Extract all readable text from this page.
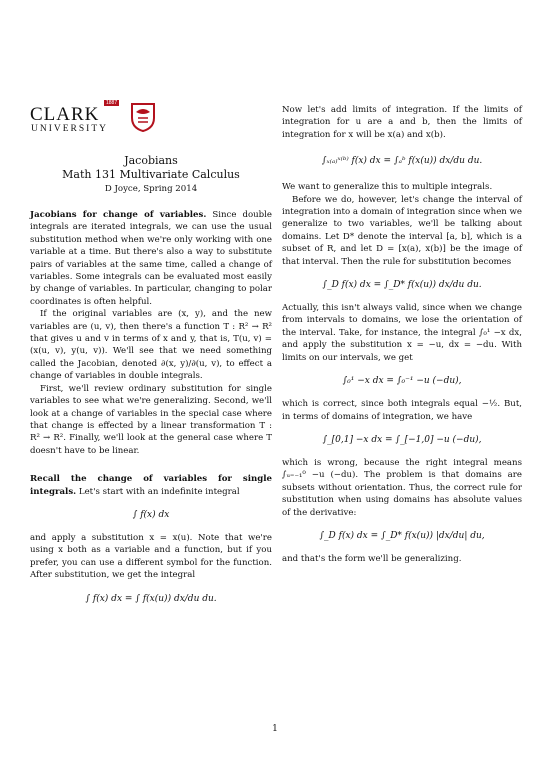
CLARK
UNIVERSITY
1887

Jacobians

Math 131 Multivariate Calculus

D Joyce, Spring 2014

Jacobians for change of variables. Since double integrals are iterated integrals, we can use the usual substitution method when we're only working with one variable at a time. But there's also a way to substitute pairs of variables at the same time, called a change of variables. Some integrals can be evaluated most easily by change of variables. In particular, changing to polar coordinates is often helpful.

If the original variables are (x, y), and the new variables are (u, v), then there's a function T : R² → R² that gives u and v in terms of x and y, that is, T(u, v) = (x(u, v), y(u, v)). We'll see that we need something called the Jacobian, denoted ∂(x, y)/∂(u, v), to effect a change of variables in double integrals.

First, we'll review ordinary substitution for single variables to see what we're generalizing. Second, we'll look at a change of variables in the special case where that change is effected by a linear transformation T : R² → R². Finally, we'll look at the general case where T doesn't have to be linear.

Recall the change of variables for single integrals. Let's start with an indefinite integral

∫ f(x) dx

and apply a substitution x = x(u). Note that we're using x both as a variable and a function, but if you prefer, you can use a different symbol for the function. After substitution, we get the integral

∫ f(x) dx = ∫ f(x(u)) dx/du du.

Now let's add limits of integration. If the limits of integration for u are a and b, then the limits of integration for x will be x(a) and x(b).

∫ₓ₍ₐ₎ˣ⁽ᵇ⁾ f(x) dx = ∫ₐᵇ f(x(u)) dx/du du.

We want to generalize this to multiple integrals.

Before we do, however, let's change the interval of integration into a domain of integration since when we generalize to two variables, we'll be talking about domains. Let D* denote the interval [a, b], which is a subset of R, and let D = [x(a), x(b)] be the image of that interval. Then the rule for substitution becomes

∫_D f(x) dx = ∫_D* f(x(u)) dx/du du.

Actually, this isn't always valid, since when we change from intervals to domains, we lose the orientation of the interval. Take, for instance, the integral ∫₀¹ −x dx, and apply the substitution x = −u, dx = −du. With limits on our intervals, we get

∫₀¹ −x dx = ∫₀⁻¹ −u (−du),

which is correct, since both integrals equal −½. But, in terms of domains of integration, we have

∫_[0,1] −x dx = ∫_[−1,0] −u (−du),

which is wrong, because the right integral means ∫ᵤ₌₋₁⁰ −u (−du). The problem is that domains are subsets without orientation. Thus, the correct rule for substitution when using domains has absolute values of the derivative:

∫_D f(x) dx = ∫_D* f(x(u)) |dx/du| du,

and that's the form we'll be generalizing.

1
